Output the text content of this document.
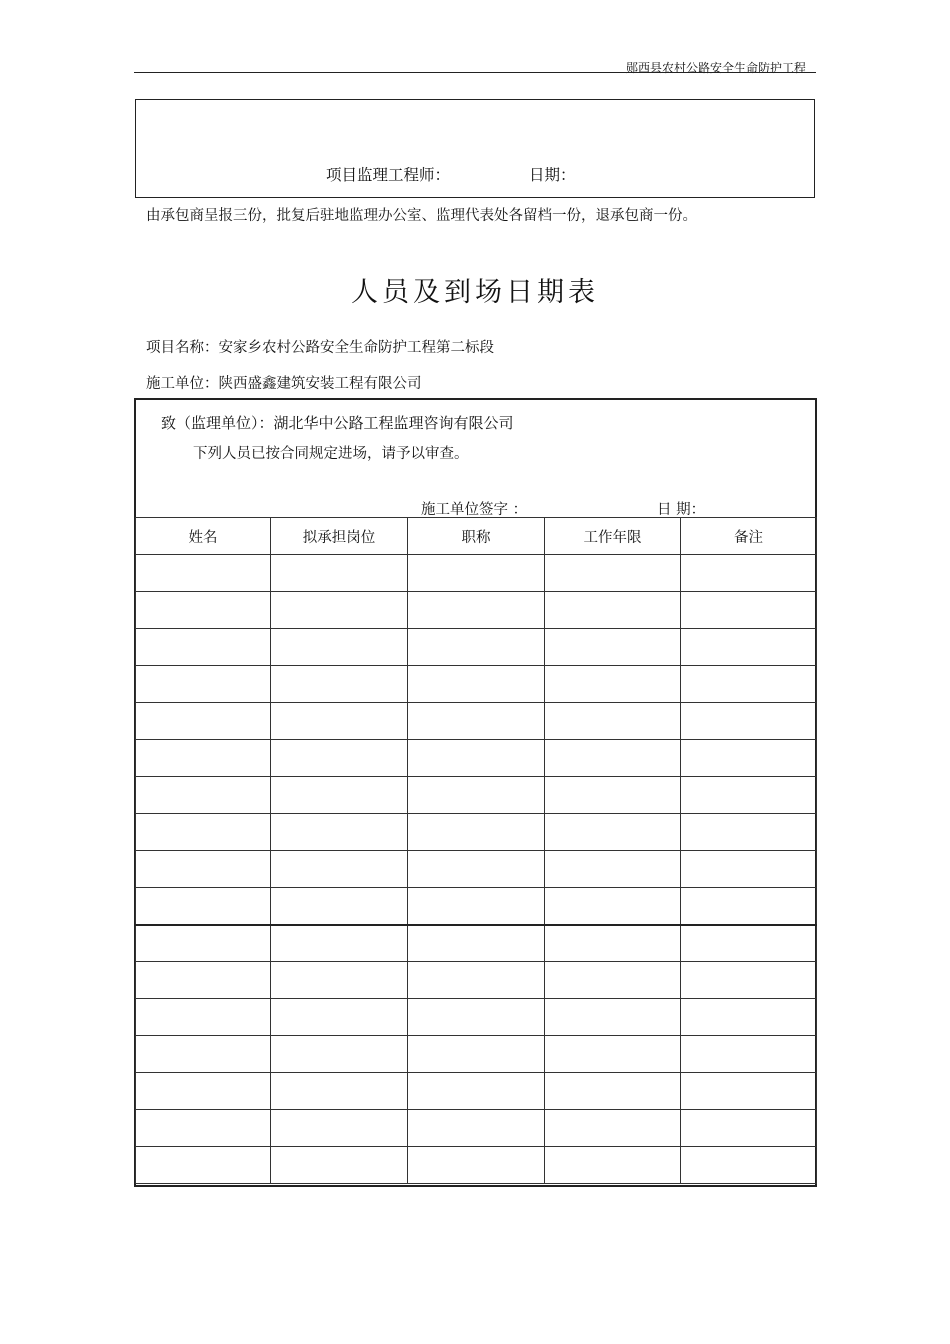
郧西县农村公路安全生命防护工程
项目监理工程师：	日期：
由承包商呈报三份，批复后驻地监理办公室、监理代表处各留档一份，退承包商一份。
人员及到场日期表
项目名称：安家乡农村公路安全生命防护工程第二标段
施工单位：陕西盛鑫建筑安装工程有限公司
致（监理单位）：湖北华中公路工程监理咨询有限公司
下列人员已按合同规定进场，请予以审查。
施工单位签字 ：	日 期：
姓名	拟承担岗位	职称	工作年限	备注
